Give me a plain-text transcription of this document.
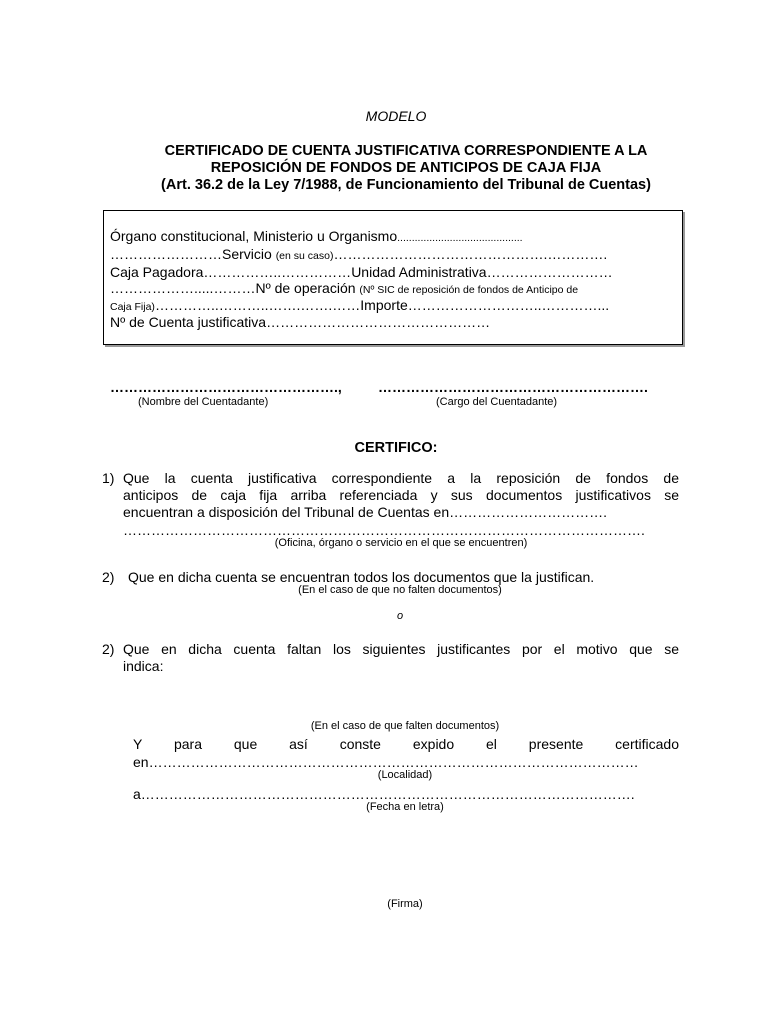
MODELO
CERTIFICADO DE CUENTA JUSTIFICATIVA CORRESPONDIENTE A LA
REPOSICIÓN DE FONDOS DE ANTICIPOS DE CAJA FIJA
(Art. 36.2 de la Ley 7/1988, de Funcionamiento del Tribunal de Cuentas)
Órgano constitucional, Ministerio u Organismo...........................................
……………………Servicio (en su caso)……………………………………….………….
Caja Pagadora……………..……………Unidad Administrativa………………………
……………….....………Nº de operación (Nº SIC de reposición de fondos de Anticipo de
Caja Fija)…………..………..…….…….……Importe………………………..…………...
Nº de Cuenta justificativa…………………………………………
………………………………………….,	………………………………………………….
(Nombre del Cuentadante)	(Cargo del Cuentadante)
CERTIFICO:
1) Que la cuenta justificativa correspondiente a la reposición de fondos de
anticipos de caja fija arriba referenciada y sus documentos justificativos se
encuentran a disposición del Tribunal de Cuentas en…………………………….
………………………………………………………………………………………………….
(Oficina, órgano o servicio en el que se encuentren)
2) Que en dicha cuenta se encuentran todos los documentos que la justifican.
(En el caso de que no falten documentos)
o
2) Que en dicha cuenta faltan los siguientes justificantes por el motivo que se
indica:
(En el caso de que falten documentos)
Y para que así conste expido el presente certificado
en……………………………………………………………………………………………
(Localidad)
a…………………………………………………………………………………………….
(Fecha en letra)
(Firma)
